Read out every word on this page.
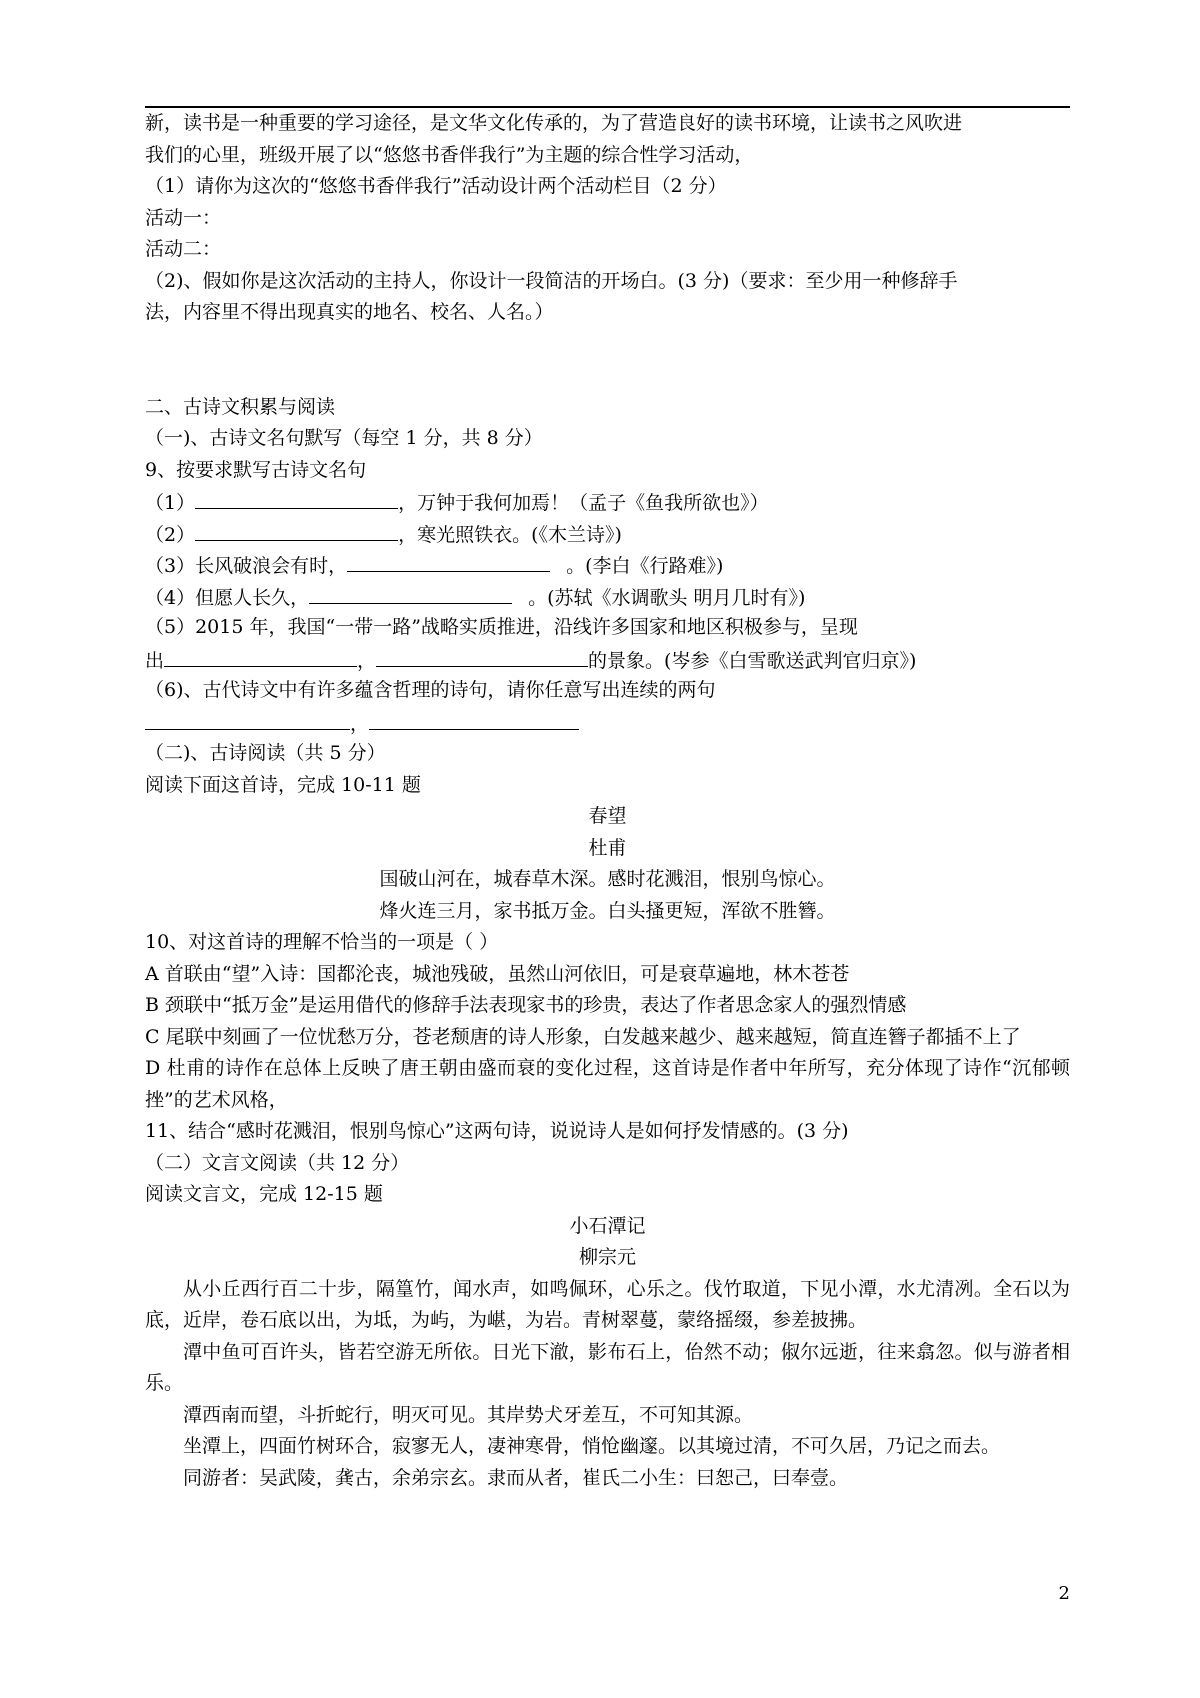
新，读书是一种重要的学习途径，是文华文化传承的，为了营造良好的读书环境，让读书之风吹进
我们的心里，班级开展了以“悠悠书香伴我行”为主题的综合性学习活动，
（1）请你为这次的“悠悠书香伴我行”活动设计两个活动栏目（2 分）
活动一：
活动二：
（2)、假如你是这次活动的主持人，你设计一段简洁的开场白。(3 分)（要求：至少用一种修辞手
法，内容里不得出现真实的地名、校名、人名。）
二、古诗文积累与阅读
（一)、古诗文名句默写（每空 1 分，共 8 分）
9、按要求默写古诗文名句
（1）	，万钟于我何加焉！（孟子《鱼我所欲也》）
（2）	，寒光照铁衣。(《木兰诗》)
（3）长风破浪会有时，	。(李白《行路难》)
（4）但愿人长久，	。(苏轼《水调歌头 明月几时有》)
（5）2015 年，我国“一带一路”战略实质推进，沿线许多国家和地区积极参与，呈现
出	，	的景象。(岑参《白雪歌送武判官归京》)
（6)、古代诗文中有许多蕴含哲理的诗句，请你任意写出连续的两句
，
（二)、古诗阅读（共 5 分）
阅读下面这首诗，完成 10-11 题
春望
杜甫
国破山河在，城春草木深。感时花溅泪，恨别鸟惊心。
烽火连三月，家书抵万金。白头搔更短，浑欲不胜簪。
10、对这首诗的理解不恰当的一项是（ ）
A 首联由“望”入诗：国都沦丧，城池残破，虽然山河依旧，可是衰草遍地，林木苍苍
B 颈联中“抵万金”是运用借代的修辞手法表现家书的珍贵，表达了作者思念家人的强烈情感
C 尾联中刻画了一位忧愁万分，苍老颓唐的诗人形象，白发越来越少、越来越短，简直连簪子都插不上了
D 杜甫的诗作在总体上反映了唐王朝由盛而衰的变化过程，这首诗是作者中年所写，充分体现了诗作“沉郁顿挫”的艺术风格，
11、结合“感时花溅泪，恨别鸟惊心”这两句诗，说说诗人是如何抒发情感的。(3 分)
（二）文言文阅读（共 12 分）
阅读文言文，完成 12-15 题
小石潭记
柳宗元
从小丘西行百二十步，隔篁竹，闻水声，如鸣佩环，心乐之。伐竹取道，下见小潭，水尤清冽。全石以为底，近岸，卷石底以出，为坻，为屿，为嵁，为岩。青树翠蔓，蒙络摇缀，参差披拂。
潭中鱼可百许头，皆若空游无所依。日光下澈，影布石上，佁然不动；俶尔远逝，往来翕忽。似与游者相乐。
潭西南而望，斗折蛇行，明灭可见。其岸势犬牙差互，不可知其源。
坐潭上，四面竹树环合，寂寥无人，凄神寒骨，悄怆幽邃。以其境过清，不可久居，乃记之而去。
同游者：吴武陵，龚古，余弟宗玄。隶而从者，崔氏二小生：曰恕己，曰奉壹。
2
